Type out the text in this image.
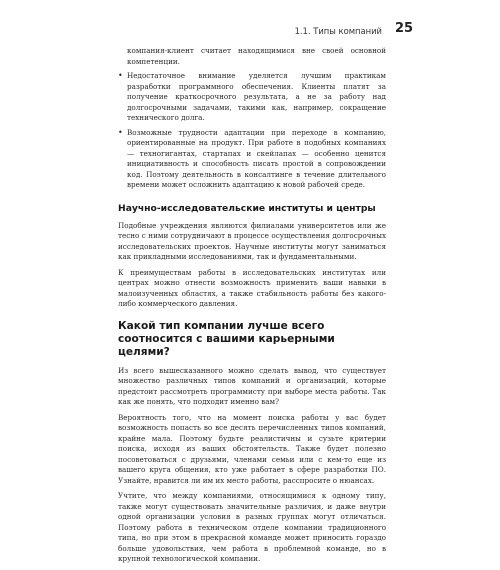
1.1. Типы компаний 25

компания-клиент считает находящимися вне своей основной компетенции.

• Недостаточное внимание уделяется лучшим практикам разработки программного обеспечения. Клиенты платят за получение краткосрочного результата, а не за работу над долгосрочными задачами, такими как, например, сокращение технического долга.
• Возможные трудности адаптации при переходе в компанию, ориентированные на продукт. При работе в подобных компаниях — техногигантах, стартапах и скейлапах — особенно ценится инициативность и способность писать простой в сопровождении код. Поэтому деятельность в консалтинге в течение длительного времени может осложнить адаптацию к новой рабочей среде.
Научно-исследовательские институты и центры

Подобные учреждения являются филиалами университетов или же тесно с ними сотрудничают в процессе осуществления долгосрочных исследовательских проектов. Научные институты могут заниматься как прикладными исследованиями, так и фундаментальными.

К преимуществам работы в исследовательских институтах или центрах можно отнести возможность применить ваши навыки в малоизученных областях, а также стабильность работы без какого-либо коммерческого давления.

Какой тип компании лучше всего соотносится с вашими карьерными целями?

Из всего вышесказанного можно сделать вывод, что существует множество различных типов компаний и организаций, которые предстоит рассмотреть программисту при выборе места работы. Так как же понять, что подходит именно вам?

Вероятность того, что на момент поиска работы у вас будет возможность попасть во все десять перечисленных типов компаний, крайне мала. Поэтому будьте реалистичны и сузьте критерии поиска, исходя из ваших обстоятельств. Также будет полезно посоветоваться с друзьями, членами семьи или с кем-то еще из вашего круга общения, кто уже работает в сфере разработки ПО. Узнайте, нравится ли им их место работы, расспросите о нюансах.

Учтите, что между компаниями, относящимися к одному типу, также могут существовать значительные различия, и даже внутри одной организации условия в разных группах могут отличаться. Поэтому работа в техническом отделе компании традиционного типа, но при этом в прекрасной команде может приносить гораздо больше удовольствия, чем работа в проблемной команде, но в крупной технологической компании.
